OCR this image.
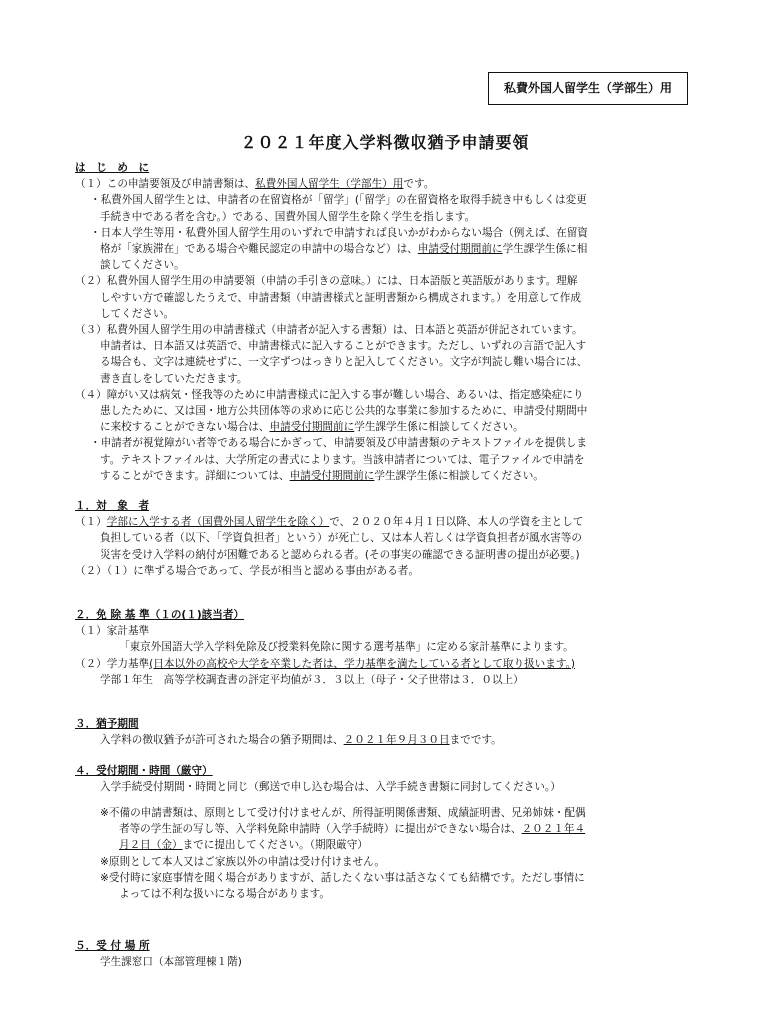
私費外国人留学生（学部生）用
２０２１年度入学料徴収猶予申請要領
は　じ　め　に
（１）この申請要領及び申請書類は、私費外国人留学生（学部生）用です。
・私費外国人留学生とは、申請者の在留資格が「留学」(「留学」の在留資格を取得手続き中もしくは変更
手続き中である者を含む。）である、国費外国人留学生を除く学生を指します。
・日本人学生等用・私費外国人留学生用のいずれで申請すれば良いかがわからない場合（例えば、在留資
格が「家族滞在」である場合や難民認定の申請中の場合など）は、申請受付期間前に学生課学生係に相
談してください。
（２）私費外国人留学生用の申請要領（申請の手引きの意味。）には、日本語版と英語版があります。理解
しやすい方で確認したうえで、申請書類（申請書様式と証明書類から構成されます。）を用意して作成
してください。
（３）私費外国人留学生用の申請書様式（申請者が記入する書類）は、日本語と英語が併記されています。
申請者は、日本語又は英語で、申請書様式に記入することができます。ただし、いずれの言語で記入す
る場合も、文字は連続せずに、一文字ずつはっきりと記入してください。文字が判読し難い場合には、
書き直しをしていただきます。
（４）障がい又は病気・怪我等のために申請書様式に記入する事が難しい場合、あるいは、指定感染症にり
患したために、又は国・地方公共団体等の求めに応じ公共的な事業に参加するために、申請受付期間中
に来校することができない場合は、申請受付期間前に学生課学生係に相談してください。
・申請者が視覚障がい者等である場合にかぎって、申請要領及び申請書類のテキストファイルを提供しま
す。テキストファイルは、大学所定の書式によります。当該申請者については、電子ファイルで申請を
することができます。詳細については、申請受付期間前に学生課学生係に相談してください。
１．対　象　者
（１）学部に入学する者（国費外国人留学生を除く）で、２０２０年４月１日以降、本人の学資を主として
負担している者（以下、「学資負担者」という）が死亡し、又は本人若しくは学資負担者が風水害等の
災害を受け入学料の納付が困難であると認められる者。(その事実の確認できる証明書の提出が必要。)
（２）（１）に準ずる場合であって、学長が相当と認める事由がある者。
２．免 除 基 準（１の(１)該当者）
（１）家計基準
「東京外国語大学入学料免除及び授業料免除に関する選考基準」に定める家計基準によります。
（２）学力基準(日本以外の高校や大学を卒業した者は、学力基準を満たしている者として取り扱います。)
学部１年生　高等学校調査書の評定平均値が３．３以上（母子・父子世帯は３．０以上）
３．猶予期間
入学料の徴収猶予が許可された場合の猶予期間は、２０２１年９月３０日までです。
４．受付期間・時間（厳守）
入学手続受付期間・時間と同じ（郵送で申し込む場合は、入学手続き書類に同封してください。）
※不備の申請書類は、原則として受け付けませんが、所得証明関係書類、成績証明書、兄弟姉妹・配偶
者等の学生証の写し等、入学料免除申請時（入学手続時）に提出ができない場合は、２０２１年４
月２日（金）までに提出してください。（期限厳守）
※原則として本人又はご家族以外の申請は受け付けません。
※受付時に家庭事情を聞く場合がありますが、話したくない事は話さなくても結構です。ただし事情に
よっては不利な扱いになる場合があります。
５．受 付 場 所
学生課窓口（本部管理棟１階)
